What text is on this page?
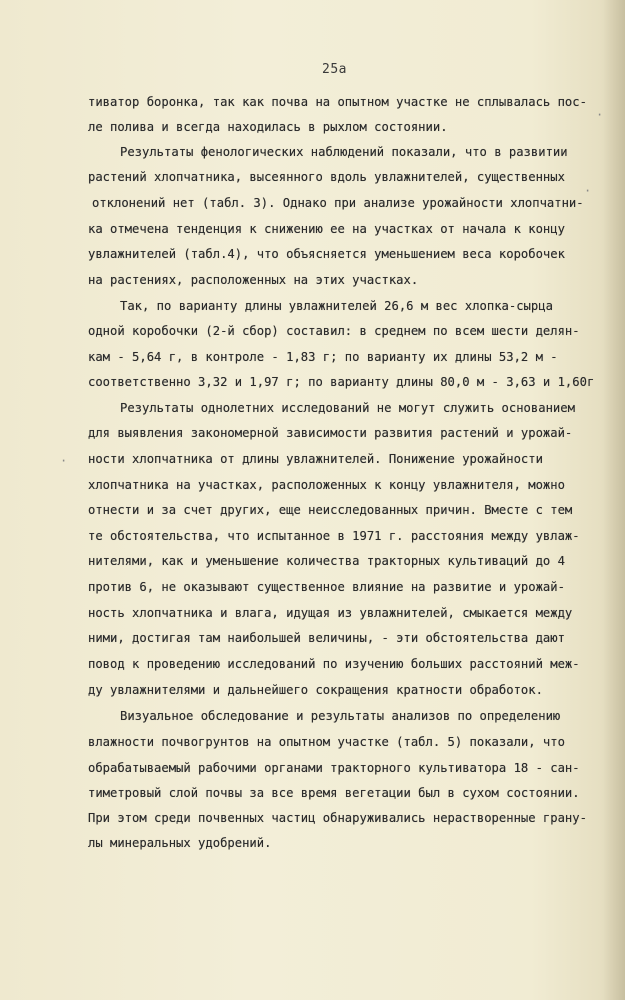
25a

тиватор боронка, так как почва на опытном участке не сплывалась пос-

ле полива и всегда находилась в рыхлом состоянии.

Результаты фенологических наблюдений показали, что в развитии

растений хлопчатника, высеянного вдоль увлажнителей, существенных

отклонений нет (табл. 3). Однако при анализе урожайности хлопчатни-

ка отмечена тенденция к снижению ее на участках от начала к концу

увлажнителей (табл.4), что объясняется уменьшением веса коробочек

на растениях, расположенных на этих участках.

Так, по варианту длины увлажнителей 26,6 м вес хлопка-сырца

одной коробочки (2-й сбор) составил: в среднем по всем шести делян-

кам - 5,64 г, в контроле - 1,83 г; по варианту их длины 53,2 м -

соответственно 3,32 и 1,97 г; по варианту длины 80,0 м - 3,63 и 1,60г

Результаты однолетних исследований не могут служить основанием

для выявления закономерной зависимости развития растений и урожай-

ности хлопчатника от длины увлажнителей. Понижение урожайности

хлопчатника на участках, расположенных к концу увлажнителя, можно

отнести и за счет других, еще неисследованных причин. Вместе с тем

те обстоятельства, что испытанное в 1971 г. расстояния между увлаж-

нителями, как и уменьшение количества тракторных культиваций до 4

против 6, не оказывают существенное влияние на развитие и урожай-

ность хлопчатника и влага, идущая из увлажнителей, смыкается между

ними, достигая там наибольшей величины, - эти обстоятельства дают

повод к проведению исследований по изучению больших расстояний меж-

ду увлажнителями и дальнейшего сокращения кратности обработок.

Визуальное обследование и результаты анализов по определению

влажности почвогрунтов на опытном участке (табл. 5) показали, что

обрабатываемый рабочими органами тракторного культиватора 18 - сан-

тиметровый слой почвы за все время вегетации был в сухом состоянии.

При этом среди почвенных частиц обнаруживались нерастворенные грану-

лы минеральных удобрений.

·
·
·
